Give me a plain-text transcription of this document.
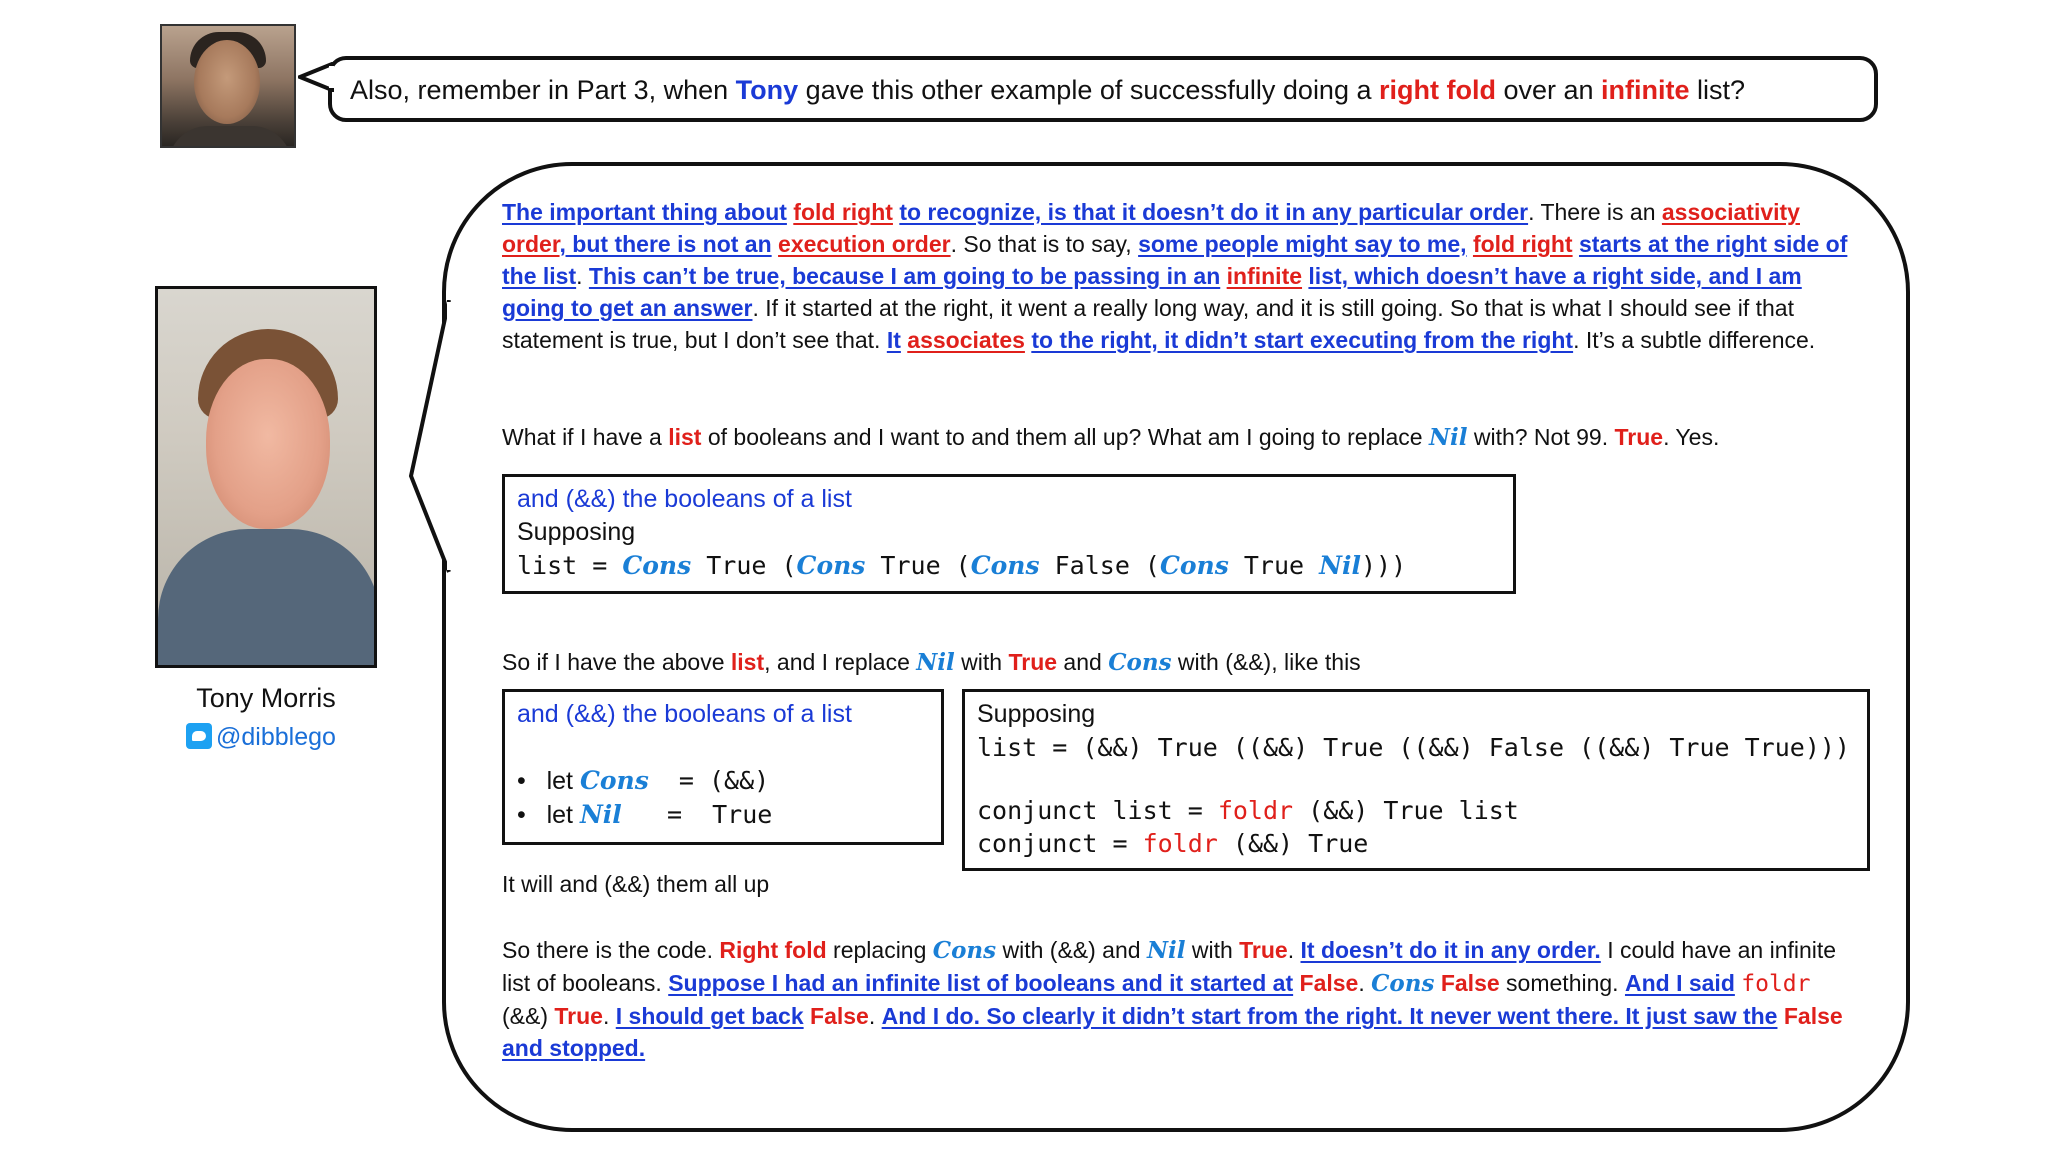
Also, remember in Part 3, when Tony gave this other example of successfully doing a right fold over an infinite list?
Tony Morris
@dibblego
The important thing about fold right to recognize, is that it doesn’t do it in any particular order. There is an associativity order, but there is not an execution order. So that is to say, some people might say to me, fold right starts at the right side of the list. This can’t be true, because I am going to be passing in an infinite list, which doesn’t have a right side, and I am going to get an answer. If it started at the right, it went a really long way, and it is still going. So that is what I should see if that statement is true, but I don’t see that. It associates to the right, it didn’t start executing from the right. It’s a subtle difference.
What if I have a list of booleans and I want to and them all up? What am I going to replace Nil with? Not 99. True. Yes.
and (&&) the booleans of a list
Supposing
list = Cons True (Cons True (Cons False (Cons True Nil)))
So if I have the above list, and I replace Nil with True and Cons with (&&), like this
and (&&) the booleans of a list
•   let Cons  = (&&)
•   let Nil   =  True
Supposing
list = (&&) True ((&&) True ((&&) False ((&&) True True)))
conjunct list = foldr (&&) True list
conjunct = foldr (&&) True
It will and (&&) them all up
So there is the code. Right fold replacing Cons with (&&) and Nil with True. It doesn’t do it in any order. I could have an infinite list of booleans. Suppose I had an infinite list of booleans and it started at False. Cons False something. And I said foldr (&&) True. I should get back False. And I do. So clearly it didn’t start from the right. It never went there. It just saw the False and stopped.
